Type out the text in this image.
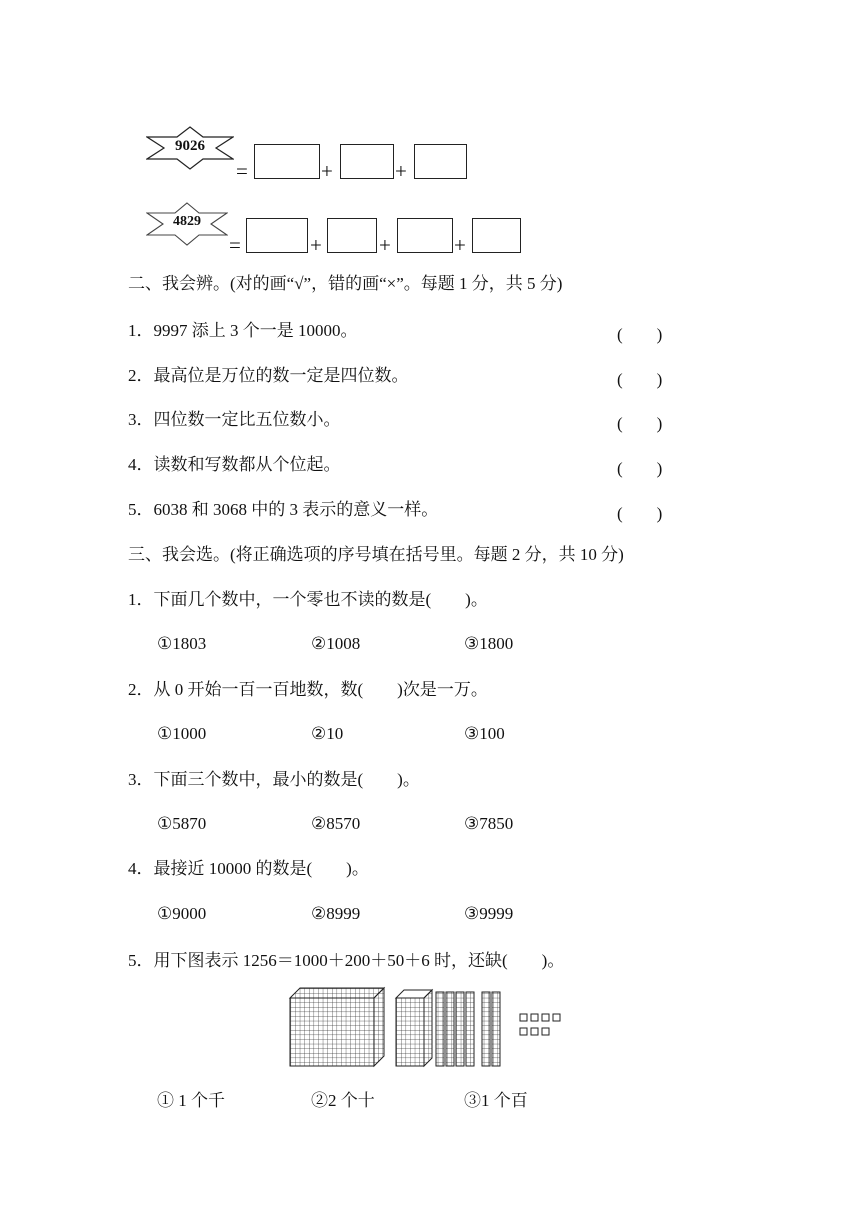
9026
=	+	+
4829
=	+	+	+
二、我会辨。(对的画“√”，错的画“×”。每题 1 分，共 5 分)
1．9997 添上 3 个一是 10000。	(　　)
2．最高位是万位的数一定是四位数。	(　　)
3．四位数一定比五位数小。	(　　)
4．读数和写数都从个位起。	(　　)
5．6038 和 3068 中的 3 表示的意义一样。	(　　)
三、我会选。(将正确选项的序号填在括号里。每题 2 分，共 10 分)
1．下面几个数中，一个零也不读的数是(　　)。
①1803	②1008	③1800
2．从 0 开始一百一百地数，数(　　)次是一万。
①1000	②10	③100
3．下面三个数中，最小的数是(　　)。
①5870	②8570	③7850
4．最接近 10000 的数是(　　)。
①9000	②8999	③9999
5．用下图表示 1256＝1000＋200＋50＋6 时，还缺(　　)。
① 1 个千	②2 个十	③1 个百
